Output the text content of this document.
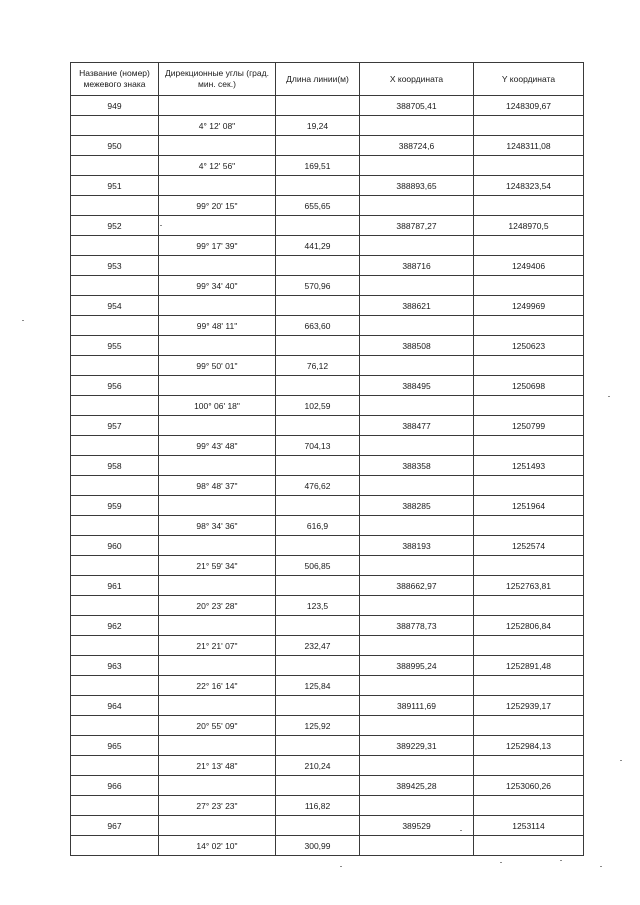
Название (номер) межевого знака	Дирекционные углы (град. мин. сек.)	Длина линии(м)	X координата	Y координата
949			388705,41	1248309,67
	4° 12' 08"	19,24		
950			388724,6	1248311,08
	4° 12' 56"	169,51		
951			388893,65	1248323,54
	99° 20' 15"	655,65		
952			388787,27	1248970,5
	99° 17' 39"	441,29		
953			388716	1249406
	99° 34' 40"	570,96		
954			388621	1249969
	99° 48' 11"	663,60		
955			388508	1250623
	99° 50' 01"	76,12		
956			388495	1250698
	100° 06' 18"	102,59		
957			388477	1250799
	99° 43' 48"	704,13		
958			388358	1251493
	98° 48' 37"	476,62		
959			388285	1251964
	98° 34' 36"	616,9		
960			388193	1252574
	21° 59' 34"	506,85		
961			388662,97	1252763,81
	20° 23' 28"	123,5		
962			388778,73	1252806,84
	21° 21' 07"	232,47		
963			388995,24	1252891,48
	22° 16' 14"	125,84		
964			389111,69	1252939,17
	20° 55' 09"	125,92		
965			389229,31	1252984,13
	21° 13' 48"	210,24		
966			389425,28	1253060,26
	27° 23' 23"	116,82		
967			389529	1253114
	14° 02' 10"	300,99		
